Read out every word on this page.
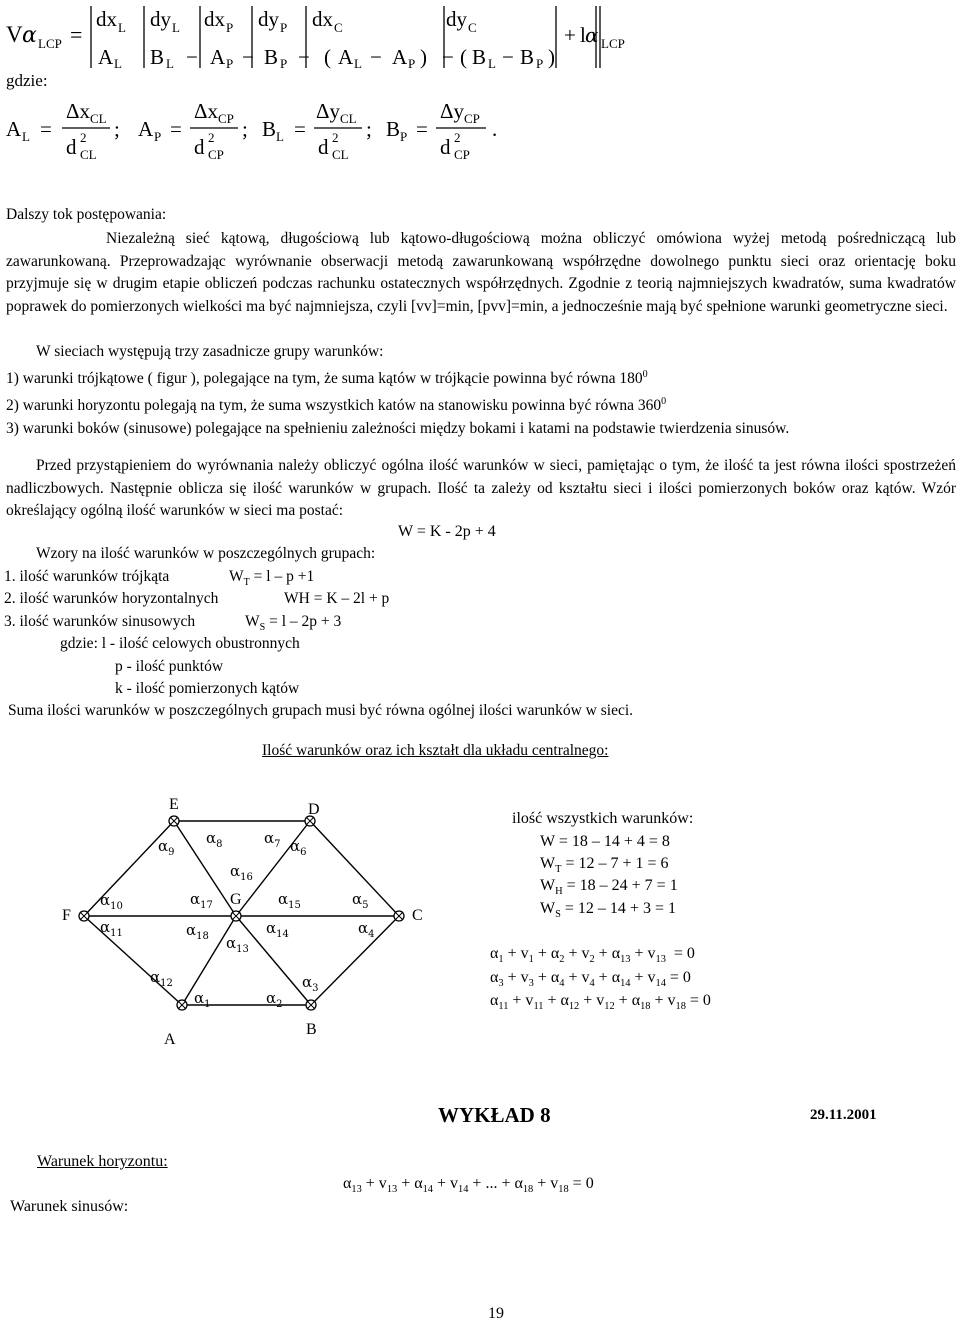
V α LCP =
dx L dy L dx P dy P dx C	dy C
A L B L − A P − B P − ( A L − A P ) − ( B L − B P )
+ l α LCP
gdzie:
A L =
Δx CL
d 2
CL
; A P =
Δx CP
d 2
CP
; B L =
Δy CL
d 2
CL
; B P =
Δy CP
d 2
CP
.
Dalszy tok postępowania:
Niezależną sieć kątową, długościową lub kątowo-długościową można obliczyć omówiona wyżej metodą pośredniczącą lub zawarunkowaną. Przeprowadzając wyrównanie obserwacji metodą zawarunkowaną współrzędne dowolnego punktu sieci oraz orientację boku przyjmuje się w drugim etapie obliczeń podczas rachunku ostatecznych współrzędnych. Zgodnie z teorią najmniejszych kwadratów, suma kwadratów poprawek do pomierzonych wielkości ma być najmniejsza, czyli [vv]=min, [pvv]=min, a jednocześnie mają być spełnione warunki geometryczne sieci.
W sieciach występują trzy zasadnicze grupy warunków:
1) warunki trójkątowe ( figur ), polegające na tym, że suma kątów w trójkącie powinna być równa $180^0$
2) warunki horyzontu polegają na tym, że suma wszystkich katów na stanowisku powinna być równa $360^0$
3) warunki boków (sinusowe) polegające na spełnieniu zależności między bokami i katami na podstawie twierdzenia sinusów.
Przed przystąpieniem do wyrównania należy obliczyć ogólna ilość warunków w sieci, pamiętając o tym, że ilość ta jest równa ilości spostrzeżeń nadliczbowych. Następnie oblicza się ilość warunków w grupach. Ilość ta zależy od kształtu sieci i ilości pomierzonych boków oraz kątów. Wzór określający ogólną ilość warunków w sieci ma postać:
W = K - 2p + 4
Wzory na ilość warunków w poszczególnych grupach:
1. ilość warunków trójkąta	$W_T = l - p +1$
2. ilość warunków horyzontalnych	WH = K – 2l + p
3. ilość warunków sinusowych	$W_S = l - 2p + 3$
gdzie: l - ilość celowych obustronnych
p - ilość punktów
k - ilość pomierzonych kątów
Suma ilości warunków w poszczególnych grupach musi być równa ogólnej ilości warunków w sieci.
Ilość warunków oraz ich kształt dla układu centralnego:
E	D
F
G
C
A
B
$\alpha_9$
$\alpha_8$	$\alpha_7$ $\alpha_6$
$\alpha_{16}$
$\alpha_{10}$	$\alpha_{17}$	$\alpha_{15}$	$\alpha_5$
$\alpha_{11}$	$\alpha_{18}$	$\alpha_{14}$	$\alpha_4$
$\alpha_{13}$
$\alpha_{12}$	$\alpha_3$
$\alpha_1$	$\alpha_2$
ilość wszystkich warunków:
W = 18 – 14 + 4 = 8
$W_T = 12 - 7 + 1 = 6$
$W_H = 18 - 24 + 7 = 1$
$W_S = 12 - 14 + 3 = 1$
$\alpha_1 + v_1 + \alpha_2 + v_2 + \alpha_{13} + v_{13} = 0$
$\alpha_3 + v_3 + \alpha_4 + v_4 + \alpha_{14} + v_{14} = 0$
$\alpha_{11} + v_{11} + \alpha_{12} + v_{12} + \alpha_{18} + v_{18} = 0$
WYKŁAD 8	29.11.2001
Warunek horyzontu:
$\alpha_{13} + v_{13} + \alpha_{14} + v_{14}$ + ... + $\alpha_{18} + v_{18} = 0$
Warunek sinusów:
19
